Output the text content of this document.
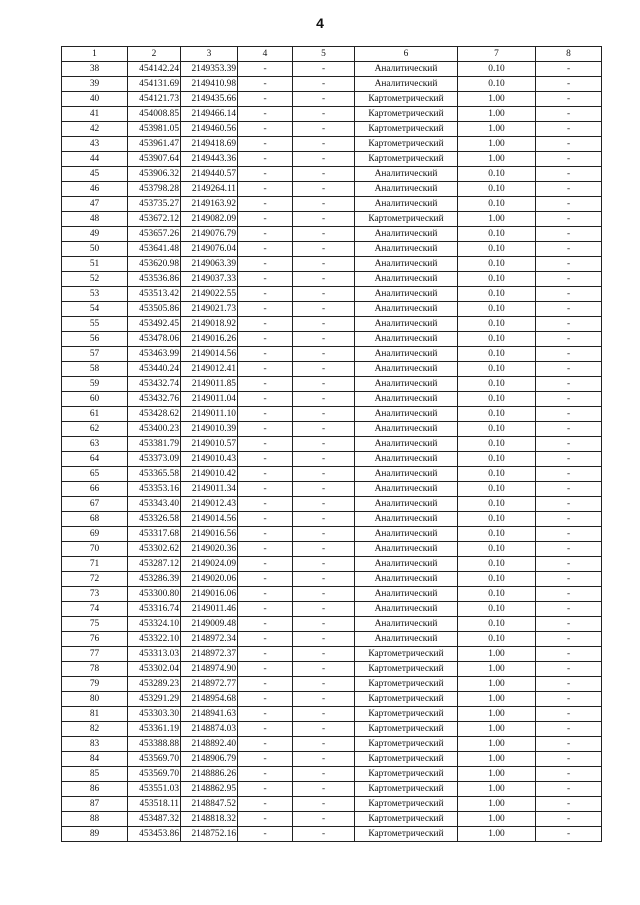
4
1	2	3	4	5	6	7	8
38	454142.24	2149353.39	-	-	Аналитический	0.10	-
39	454131.69	2149410.98	-	-	Аналитический	0.10	-
40	454121.73	2149435.66	-	-	Картометрический	1.00	-
41	454008.85	2149466.14	-	-	Картометрический	1.00	-
42	453981.05	2149460.56	-	-	Картометрический	1.00	-
43	453961.47	2149418.69	-	-	Картометрический	1.00	-
44	453907.64	2149443.36	-	-	Картометрический	1.00	-
45	453906.32	2149440.57	-	-	Аналитический	0.10	-
46	453798.28	2149264.11	-	-	Аналитический	0.10	-
47	453735.27	2149163.92	-	-	Аналитический	0.10	-
48	453672.12	2149082.09	-	-	Картометрический	1.00	-
49	453657.26	2149076.79	-	-	Аналитический	0.10	-
50	453641.48	2149076.04	-	-	Аналитический	0.10	-
51	453620.98	2149063.39	-	-	Аналитический	0.10	-
52	453536.86	2149037.33	-	-	Аналитический	0.10	-
53	453513.42	2149022.55	-	-	Аналитический	0.10	-
54	453505.86	2149021.73	-	-	Аналитический	0.10	-
55	453492.45	2149018.92	-	-	Аналитический	0.10	-
56	453478.06	2149016.26	-	-	Аналитический	0.10	-
57	453463.99	2149014.56	-	-	Аналитический	0.10	-
58	453440.24	2149012.41	-	-	Аналитический	0.10	-
59	453432.74	2149011.85	-	-	Аналитический	0.10	-
60	453432.76	2149011.04	-	-	Аналитический	0.10	-
61	453428.62	2149011.10	-	-	Аналитический	0.10	-
62	453400.23	2149010.39	-	-	Аналитический	0.10	-
63	453381.79	2149010.57	-	-	Аналитический	0.10	-
64	453373.09	2149010.43	-	-	Аналитический	0.10	-
65	453365.58	2149010.42	-	-	Аналитический	0.10	-
66	453353.16	2149011.34	-	-	Аналитический	0.10	-
67	453343.40	2149012.43	-	-	Аналитический	0.10	-
68	453326.58	2149014.56	-	-	Аналитический	0.10	-
69	453317.68	2149016.56	-	-	Аналитический	0.10	-
70	453302.62	2149020.36	-	-	Аналитический	0.10	-
71	453287.12	2149024.09	-	-	Аналитический	0.10	-
72	453286.39	2149020.06	-	-	Аналитический	0.10	-
73	453300.80	2149016.06	-	-	Аналитический	0.10	-
74	453316.74	2149011.46	-	-	Аналитический	0.10	-
75	453324.10	2149009.48	-	-	Аналитический	0.10	-
76	453322.10	2148972.34	-	-	Аналитический	0.10	-
77	453313.03	2148972.37	-	-	Картометрический	1.00	-
78	453302.04	2148974.90	-	-	Картометрический	1.00	-
79	453289.23	2148972.77	-	-	Картометрический	1.00	-
80	453291.29	2148954.68	-	-	Картометрический	1.00	-
81	453303.30	2148941.63	-	-	Картометрический	1.00	-
82	453361.19	2148874.03	-	-	Картометрический	1.00	-
83	453388.88	2148892.40	-	-	Картометрический	1.00	-
84	453569.70	2148906.79	-	-	Картометрический	1.00	-
85	453569.70	2148886.26	-	-	Картометрический	1.00	-
86	453551.03	2148862.95	-	-	Картометрический	1.00	-
87	453518.11	2148847.52	-	-	Картометрический	1.00	-
88	453487.32	2148818.32	-	-	Картометрический	1.00	-
89	453453.86	2148752.16	-	-	Картометрический	1.00	-
